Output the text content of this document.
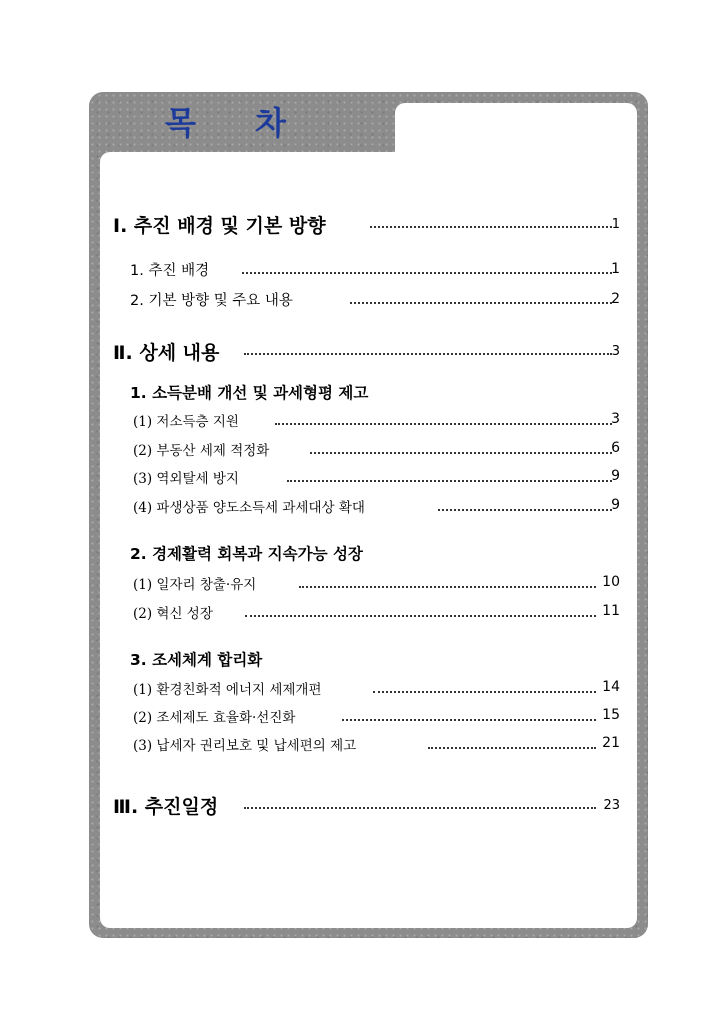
목 차
Ⅰ. 추진 배경 및 기본 방향	1
1. 추진 배경	1
2. 기본 방향 및 주요 내용	2
Ⅱ. 상세 내용	3
1. 소득분배 개선 및 과세형평 제고
(1) 저소득층 지원	3
(2) 부동산 세제 적정화	6
(3) 역외탈세 방지	9
(4) 파생상품 양도소득세 과세대상 확대	9
2. 경제활력 회복과 지속가능 성장
(1) 일자리 창출·유지	10
(2) 혁신 성장	11
3. 조세체계 합리화
(1) 환경친화적 에너지 세제개편	14
(2) 조세제도 효율화·선진화	15
(3) 납세자 권리보호 및 납세편의 제고	21
Ⅲ. 추진일정	23
